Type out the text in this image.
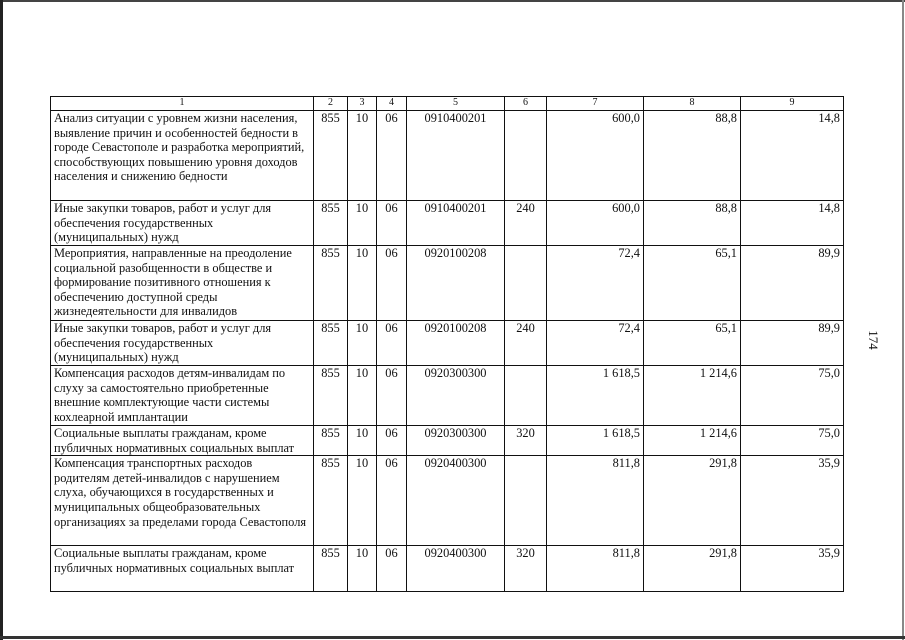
1	2	3	4	5	6	7	8	9
Анализ ситуации с уровнем жизни населения, выявление причин и особенностей бедности в городе Севастополе и разработка мероприятий, способствующих повышению уровня доходов населения и снижению бедности	855	10	06	0910400201		600,0	88,8	14,8
Иные закупки товаров, работ и услуг для обеспечения государственных (муниципальных) нужд	855	10	06	0910400201	240	600,0	88,8	14,8
Мероприятия, направленные на преодоление социальной разобщенности в обществе и формирование позитивного отношения к обеспечению доступной среды жизнедеятельности для инвалидов	855	10	06	0920100208		72,4	65,1	89,9
Иные закупки товаров, работ и услуг для обеспечения государственных (муниципальных) нужд	855	10	06	0920100208	240	72,4	65,1	89,9
Компенсация расходов детям-инвалидам по слуху за самостоятельно приобретенные внешние комплектующие части системы кохлеарной имплантации	855	10	06	0920300300		1 618,5	1 214,6	75,0
Социальные выплаты гражданам, кроме публичных нормативных социальных выплат	855	10	06	0920300300	320	1 618,5	1 214,6	75,0
Компенсация транспортных расходов родителям детей-инвалидов с нарушением слуха, обучающихся в государственных и муниципальных общеобразовательных организациях за пределами города Севастополя	855	10	06	0920400300		811,8	291,8	35,9
Социальные выплаты гражданам, кроме публичных нормативных социальных выплат	855	10	06	0920400300	320	811,8	291,8	35,9
174
